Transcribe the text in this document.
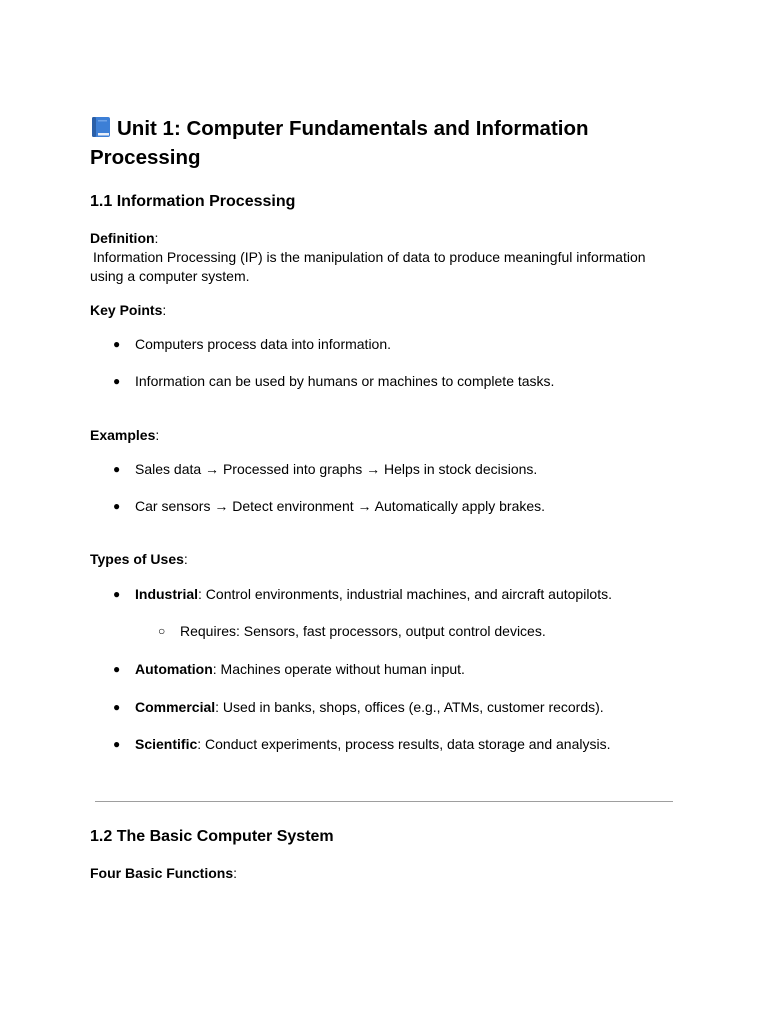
Unit 1: Computer Fundamentals and Information Processing
1.1 Information Processing
Definition:
Information Processing (IP) is the manipulation of data to produce meaningful information using a computer system.
Key Points:
● Computers process data into information.
● Information can be used by humans or machines to complete tasks.
Examples:
● Sales data → Processed into graphs → Helps in stock decisions.
● Car sensors → Detect environment → Automatically apply brakes.
Types of Uses:
● Industrial: Control environments, industrial machines, and aircraft autopilots.
○ Requires: Sensors, fast processors, output control devices.
● Automation: Machines operate without human input.
● Commercial: Used in banks, shops, offices (e.g., ATMs, customer records).
● Scientific: Conduct experiments, process results, data storage and analysis.
1.2 The Basic Computer System
Four Basic Functions:
